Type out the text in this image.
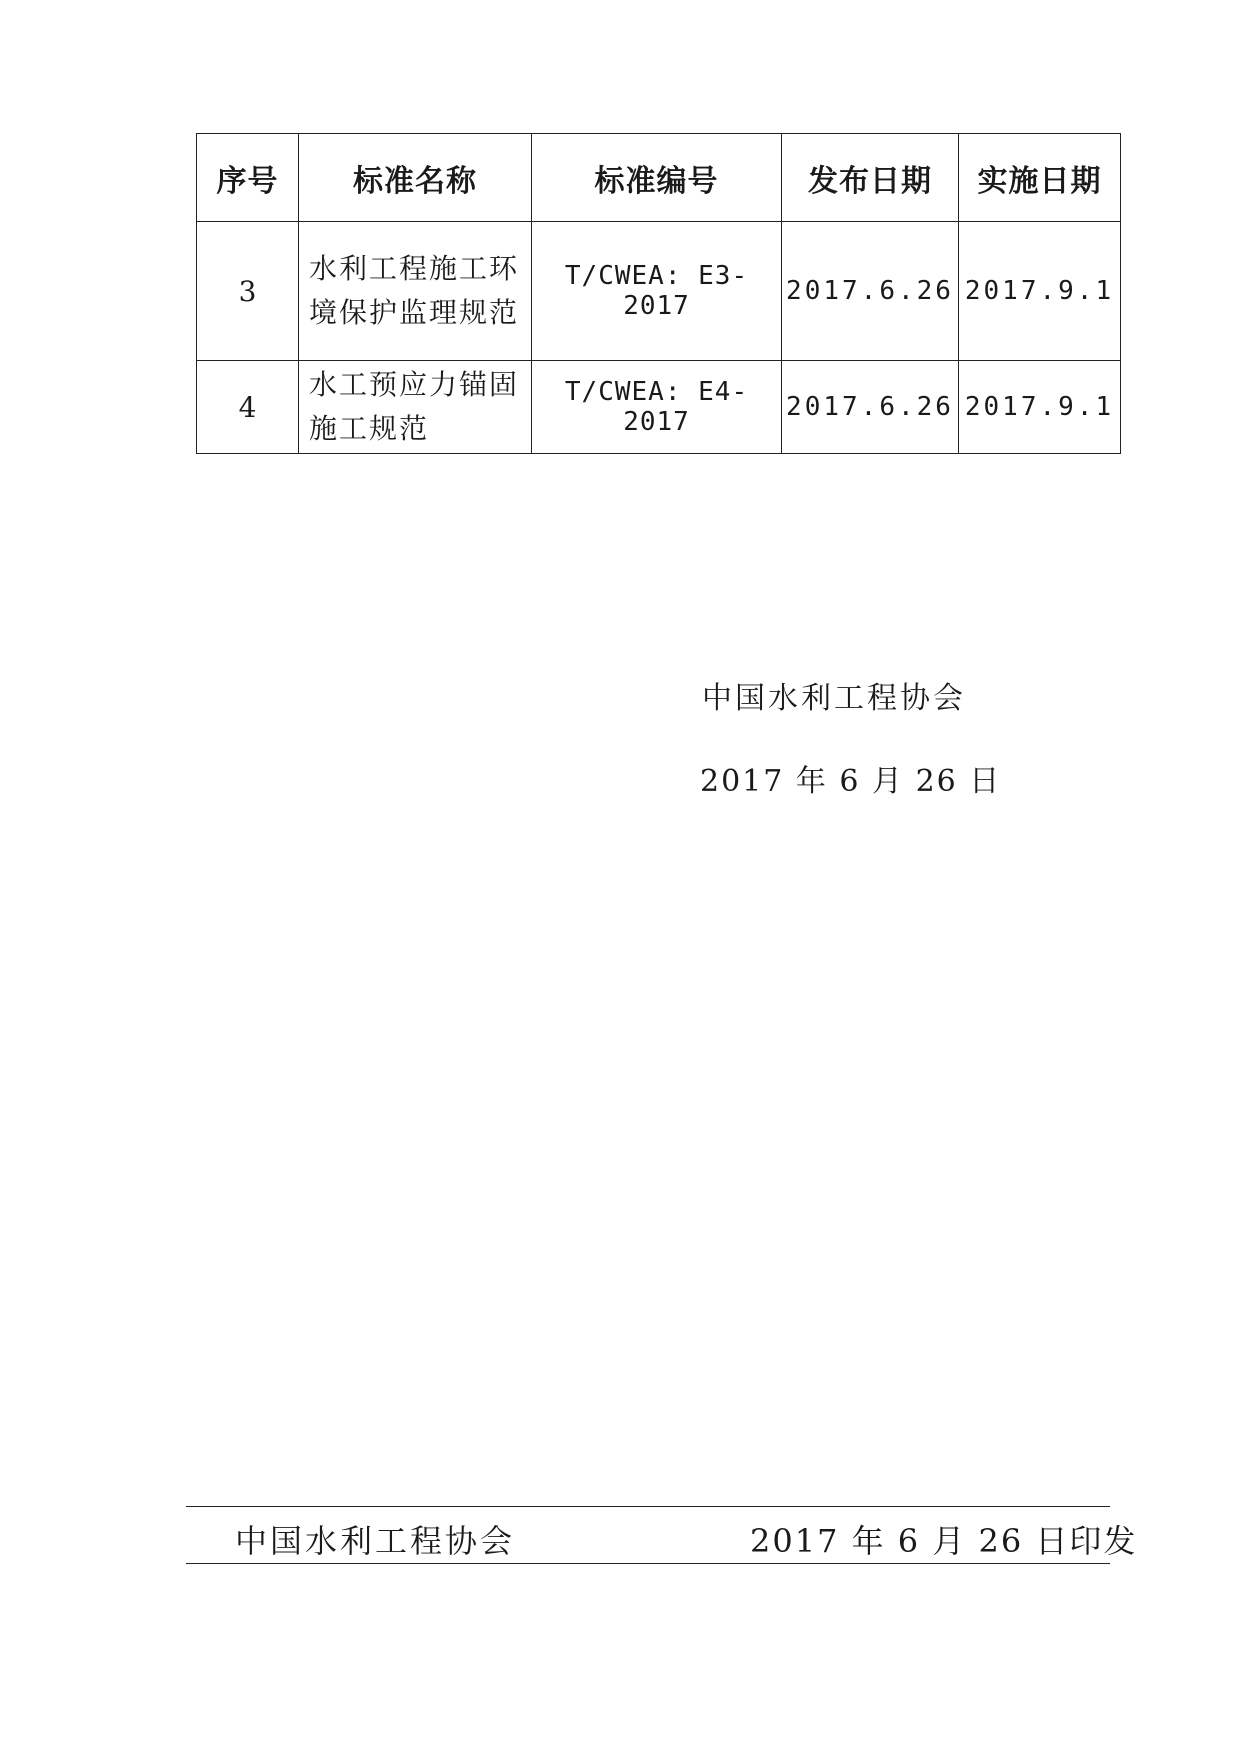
序号	标准名称	标准编号	发布日期	实施日期
3	水利工程施工环境保护监理规范	T/CWEA: E3-2017	2017.6.26	2017.9.1
4	水工预应力锚固施工规范	T/CWEA: E4-2017	2017.6.26	2017.9.1
中国水利工程协会
2017 年 6 月 26 日
中国水利工程协会	2017 年 6 月 26 日印发
